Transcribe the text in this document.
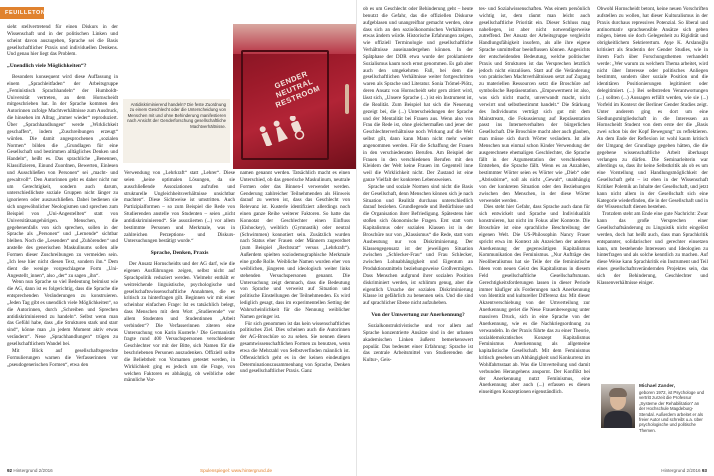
FEUILLETON

sieht stellvertretend für einen Diskurs in der Wissenschaft und in der politischen Linken und scheint davon auszugehen, Sprache sei die Basis gesellschaftlicher Praxis und individuellen Denkens. Und genau hier liegt das Problem.

„Unendlich viele Möglichkeiten“?

Besonders konsequent wird diese Auffassung in einem „Sprachleitfaden“ der Arbeitsgruppe „Feministisch Sprachhandeln“ der Humboldt-Universität vertreten, an dem Hornscheidt mitgeschrieben hat. In der Sprache kommen den Autorinnen zufolge Machtverhältnisse zum Ausdruck, die hinsehen im Alltag „immer wieder“ reproduziert. Über „Sprachhandlungen“ werde „Wirklichkeit geschaffen“, indem „Zuschreibungen erzeugt“ würden. Die damit angesprochenen „sozialen Normen“ bilden die „Grundlagen für eine Gesellschaft und bestimmen alltägliches Denken und Handeln“, heißt es. Das sprachliche „Benennen, Klassifizieren, Einund Zuordnen, Bewerten, Einlesen und Ausschließen von Personen“ sei „macht- und gewaltvoll“. Den Autorinnen geht es daher nicht nur um Gerechtigkeit, sondern auch darum, unterschiedlichste soziale Gruppen nicht länger zu ignorieren oder auszuschließen. Dabei bedienen sie sich ungewöhnlicher Neologismen und sprechen zum Beispiel von „Uni-Angestellten“ statt von Universitätsangehörigen. Menschen, die gegebenenfalls von sich sprechen, sollen in der Sprache als „Personen“ und „Lernende“ sichtbar bleiben. Noch die „Lesenden“ und „Zuhörenden“ und anstelle des generischen Maskulinums sollen alle Formen dieser Zuschreibungen zu vermeiden sein. „Ich lese hier nicht diesen Text, sondern ihn.“ Dem dient die wenige vorgeschlagene Form „Uni-Angestellt_innen“, also „der“ zu sagen „ihn“.

Wenn nun Sprache so viel Bedeutung beimisst wie die AG, dann ist es folgerichtig, dass die Sprache die entsprechenden Veränderungen zu konstruieren. „Jeden Tag gibt es unendlich viele Möglichkeiten“, so die Autorinnen, durch „Schreiben und Sprechen antidiskriminierend zu handeln“. Selbst wenn man das Gefühl habe, dass „die Strukturen stark und starr sind“, könne man „in jedem Moment aktiv etwas verändern“. Neue „Sprachhandlungen“ trügen zu gesellschaftlichem Wandel bei.

Mit Blick auf gesellschaftsgerechte Formulierungen warnen die Verfasserinnen vor „pseudogenerischen Formen“, etwa den

Antidiskriminierend handeln? Die feste Zuordnung zu einem Geschlecht oder die Unterscheidung von Menschen mit und ohne Behinderung manifestieren nach Ansicht der Genderforschung gesellschaftliche Machtverhältnisse.
GENDER NEUTRAL RESTROOM

Verwendung von „Lehrkraft“ statt „Lehrer“. Diese seien „keine optimalen Lösungen, da sie ausschließende Assoziationen aufrufen und strukturelle Ungleichheitsverhältnisse unsichtbar machten“. Diese Sichtweise ist umstritten. Auch Partizipialformen – so zum Beispiel die Rede von Studierenden anstelle von Studenten – seien „nicht antidiskriminierend“. Sie assoziierten (...) vor allem bestimmte Personen und Merkmale, was in zahlreichen Perzeptions- und Diskurs-Untersuchungen bestätigt wurde.“

Sprache, Denken, Praxis

Der Ansatz Hornscheidts und der AG darf, wie die eigenen Ausführungen zeigen, selbst nicht auf Sprachpolitik reduziert werden. Vielmehr enthält er weitreichende linguistische, psychologische und gesellschaftswissenschaftliche Annahmen, die es kritisch zu hinterfragen gilt. Beginnen wir mit einer scheinbar einfachen Frage: Ist es tatsächlich belegt, dass Menschen mit dem Wort „Studierende“ vor allem Studenten und Studentinnen „Arbeit verbinden“? Die Verfasserinnen ziteren eine Untersuchung von Karin Kusterle.¹ Die Germanistin fragte rund 400 Versuchspersonen verschiedener Geschlechter vor mit der Bitte, sich Namen für die beschriebenen Personen auszudenken. Offiziell sollte die Beliebtheit von Vornamen getestet werden, in Wirklichkeit ging es jedoch um die Frage, von welchen Faktoren es abhängig, ob weibliche oder männliche Vor-

namen genannt werden. Tatsächlich macht es einen Unterschied, ob das generische Maskulinum, neutrale Formen oder das Binnen-I verwendet werden. Genderung zahlreicher Teilnehmenden als Hinweis darauf zu werten ist, dass das Geschlecht von Relevanz ist. Kusterle identifiziert allerdings noch einen ganze Reihe weiterer Faktoren. So hatte das Konnotat der Geschlechter einen Einfluss (Eishockey), weiblich (Gymnastik) oder neutral (Schwimmen) konnotiert sein. Zusätzlich wurden nach Status eher Frauen oder Männern zugeordnet (zum Beispiel „Rechtsrat“ versus „Lehrkraft“). Außerdem spielten soziodemographische Merkmale eine große Rolle. Weibliche Namen wurden eher von weiblichen, jüngeren und ideologisch weiter links stehenden Versuchspersonen genannt. Die Untersuchung zeigt demnach, dass die Bedeutung von Sprache und verweist auf Situation und politische Einstellungen der Teilnehmenden. Es wird lediglich gesagt, dass im experimentellen Setting der Wahrscheinlichkeit für die Nennung weiblicher Namen geringer ist.

Für sich genommen ist das kein wissenschaftliches politisches Ziel. Dies scheinen auch die Autorinnen der AG-Broschüre so zu sehen. Sie nennen diesen gesamtwissenschaftlichen Formen zu benutzen, wenn etwa die Mehrzahl von Selbstverfinden männlich ist. Offensichtlich geht es in der keinen eindeutigen Determinationszusammenhang von Sprache, Denken und gesellschaftlicher Praxis. Ganz

92 Hintergrund 2/2016	Spulenspiegel: www.hintergrund.de

ob es um Geschlecht oder Behinderung geht – heute benutzt die Gefahr, das die offiziellen Diskurse aufgeblasen und unangreifbar gemacht werden, ohne dass sich an den sozioökonomischen Verhältnissen etwas ändern würde. Historische Erfahrungen zeigen, wie offiziell Terminologie und gesellschaftliche Verhältnisse auseinandergehen können. In der Spätphase der DDR etwa wurde der proklamierte Sozialismus kaum noch ernst genommen. Es gab aber auch den umgekehrten Fall, bei dem die gesellschaftlichen Verhältnisse weiter fortgeschritten waren als Sprache und Literatur. Sonia Trömel-Plötz, deren Ansatz von Hornscheidt sehr gern zitiert wird, lässt sich, „Unsere Sprache (...) ist ein Instrument ist, die Realität. Zum Beispiel hat sich die Neuerung gezeigt bei, die (...) Unterscheidungen der Sprache und der Mentalität bei Frauen aus. Wenn also von Frau die Rede ist, ohne gleichermaßen und jener der Geschlechterverhältnisse noch Wirkung auf die Welt selbst gilt, dann kann Mann nicht mehr weiter angenommen werden. Für die Schaffung der Frauen in den verschiedensten Berufen. Am Beispiel der Frauen in den verschiedenen Berufen mit den Kleidern der Welt keine Frauen im Gegenteil inne weil die Wirklichkeit nicht. Der Zustand ist eine ganze Vielfalt der konkreten Lebensweisen.

Sprache und soziale Normen sind nicht die Basis der Gesellschaft, denn Menschen können sich je nach Situation und Realität durchaus unterschiedlich darauf beziehen. Grundlegende und Bedürfnisse und die Organisation ihrer Befriedigung. Spätestens hier stoßen sich ökonomische Fragen. Erst statt vom Kapitalismus oder sozialen Klassen ist in der Broschüre nur von „Klassismus“ die Rede, statt vom Ausbeutung nur von Diskriminierung. Der Klassengegensatz ist der jeweiligen Situation zwischen „Schlecker-Frau“ und Frau Schlecker, zwischen Lohnabhängigkeit und Eigentum an Produktionsmitteln beziehungsweise Großvermögen. Dass Menschen aufgrund ihrer sozialen Position diskriminiert werden, ist schlimm genug, aber die eigentlich Ursache der sozialen Diskriminierung Klasse ist gefährlich zu benennen sein. Und die sind auf sprachlicher Ebene nicht aufzuheben.

Von der Umwertung zur Anerkennung?

Sozialkonstruktivistische und vor allem auf Sprache konzentrierte Ansätze sind in der urbanen akademischen Linken äußerst bemerkenswert populär. Das bedeutet einer Erfahrung: Sprache ist das zentrale Arbeitsmittel von Studierenden der Kultur-, Geis-

tes- und Sozialwissenschaften. Was einem persönlich wichtig ist, dem räumt man leicht auch gesellschaftliche Priorität ein. Dieser Schluss mag naheliegen, ist aber nicht notwendigerweise zutreffend. Der Ansatz der Arbeitsgruppe vergleicht Handlungsfähigkeit insofern, als alle ihre eigene Sprache unmittelbar beeinflussen können. Angesichts der entscheidenden Bedeutung, welche politischer Praxis und Strukturen ist das Versprechen letztlich jedoch nicht einzulösen. Statt auf die Veränderung von praktischen Machtverhältnissen setzt auf Zugang zu materiellen Ressourcen setzt die Broschüre auf symbolische Repräsentation. „Empowerment ist also, was sich nicht macht, unverwandt macht, nicht verwirrt und selbstbestimmt handelt.“ Die Stärkung des Individuums verträgt sich gut mit dem Mainstream, die Fokussierung auf Repräsentation passt ins Internetverhalten der bürgerlichen Gesellschaft. Die Broschüre macht aber auch glauben, man müsse sich durch Wörter verändern. Ist alle Menschen nun einmal schon Kinder Verwendung der ausgerechnete ehemaligen Geschlechter, die Sprache fällt in der Argumentation der verschiedenen Entstehen, die Sprache fällt. Wenn es an Anzahlen, bestimmter Wörter seien es Wörter wie „Dieb“ oder „Abrissbirne“, soll als nicht „Gewalt“, unabhängig von der konkreten Situation oder den Beziehungen zwischen den Menschen, in der diese Wörter verwendet werden.

Dies steht hier Gefahr, dass Sprache auch dann für sich entwickelt und Sprache und Individualität konstruieren, hat nicht im Fokus aller Kontexte. Die Broschüre ist eine sprachliche Beschreibung der eigenen Welt. Die US-Philosophin Nancy Fraser spricht etwa im Kontext als Anzeichen der anderen Anerkennung der gegenwärtigen Kapitalismus Kommunikation des Feminismus. „Nur Aufträge des Neoliberalismus hat sie Teile der die feministische Ideen vom neuen Geist des Kapitalismus in diesem Feld gesellschaftliche Gesellschaftsmann. Gerechtigkeitsforderungen lassen in dieser Periode immer häufiger als Forderungen nach Anerkennung von Identität und kultureller Differenz dar. Mit dieser Akzentverschiebung von der Umverteilung zur Anerkennung geriet die Neue Frauenbewegung unter massiven Druck, sich in eine Sprache von der Anerkennung, wie es die Nachkriegsordnung zu verwandeln. In der Praxis führte das zu einer Theorie, sozialdemokratisches Konzept Kapitalismus Feminismus Anerkennung als allgemeine kapitalistische Gesellschaft. Mit dem Feminismus kritisch gesehen um Abhängigkeit und Konkurrenz im Wohlfahrtsstaat ab. Was die Umverteilung und damit verbunden Herangehens anspornt. Der Konflikt bei der Anerkennung nutzt Feminismus, eine Anerkennung aber auch (...) erfassen es diesen einseitigen Konzeptionen eigenständlich.

Obwohl Hornscheidt betont, keine neuen Vorschriften aufstellen zu wollen, hat dieser Kulturalismus in der Praxis durchaus repressives Potenzial. So liberal und antinormativ sprachsensible Ansätze sich geben mögen, bieten sie doch Gelegenheit zu Rigidität und obrigkeitlichem Sektierertum. Ayşe K. Arslanoğlu kritisiert als Studentin der Gender Studies, wie in ihrem Fach über Forschungsthemen verhandelt werde: „Wer warum zu welchem Thema arbeitet, wird nicht über Interesse oder politisches Anliegen bestimmt, sondern über soziale Position und die identitären Positionierungen legitimiert oder delegitimiert. (...) Bei selbstreden Verantwortungen (...) sollten (...) Aussagen erfüllt werden, wie sie (...) Vorfeld im Kontext der Berliner Gender Studies zeigt. Unter anderem ging es dort um eine Siedlungsmitgliedschaft in die Interessen an Hornscheidt Student von dem erste der die „Basis zwei schon bis der Kopf Bewegung“ zu reflektieren. An dem Ende der Reflexion ist wohl kaum kritisch der Umgang der Grundlage gegeben hätten, die die gegebene wissenschaftliche Arbeit überhaupt verlangen zu dürfen. Die Seminarleiterin war allerdings so, dass ihr keine Selbstkritik als ob es um eine Vorstellung und Handlungsmöglichkeit der Gesellschaft geht – ist eben in der Wissenschaft Kritiker Polemik an Inhalte der Gesellschaft, und jetzt kann nicht allem in der Gesellschaft sich eine Kategorie wiederfinden, die in der Gesellschaft und in der Wissenschaft dienen bestehen.

Trotzdem steht am Ende eine gute Nachricht: Zwar kann das große Versprechen einer Gesellschaftsänderung zu Linguistik nicht eingelöst werden, doch hat heißt auch, dass man Sprachkritik entspannter, solidarischer und gerechter einsetzen kann, um bestehende Interessen und Ideologien zu hinterfragen und als solche kenntlich zu machen. Auf diese Weise kann Sprachkritik ein Instrument und Teil eines gesellschaftsverändernden Projektes sein, das sich der Behinderung, Geschlechter und Klassenverhältnisse einiger.

Michael Zander,
geboren 1972, ist Psychologe und vertritt zurzeit die Professur „Systeme der Rehabilitation“ an der Hochschule Magdeburg-Stendal. Außerdem arbeitet er als freier Autor und schreibt u.a. über psychologische und politische Themen.
Hintergrund 2/2016 93
